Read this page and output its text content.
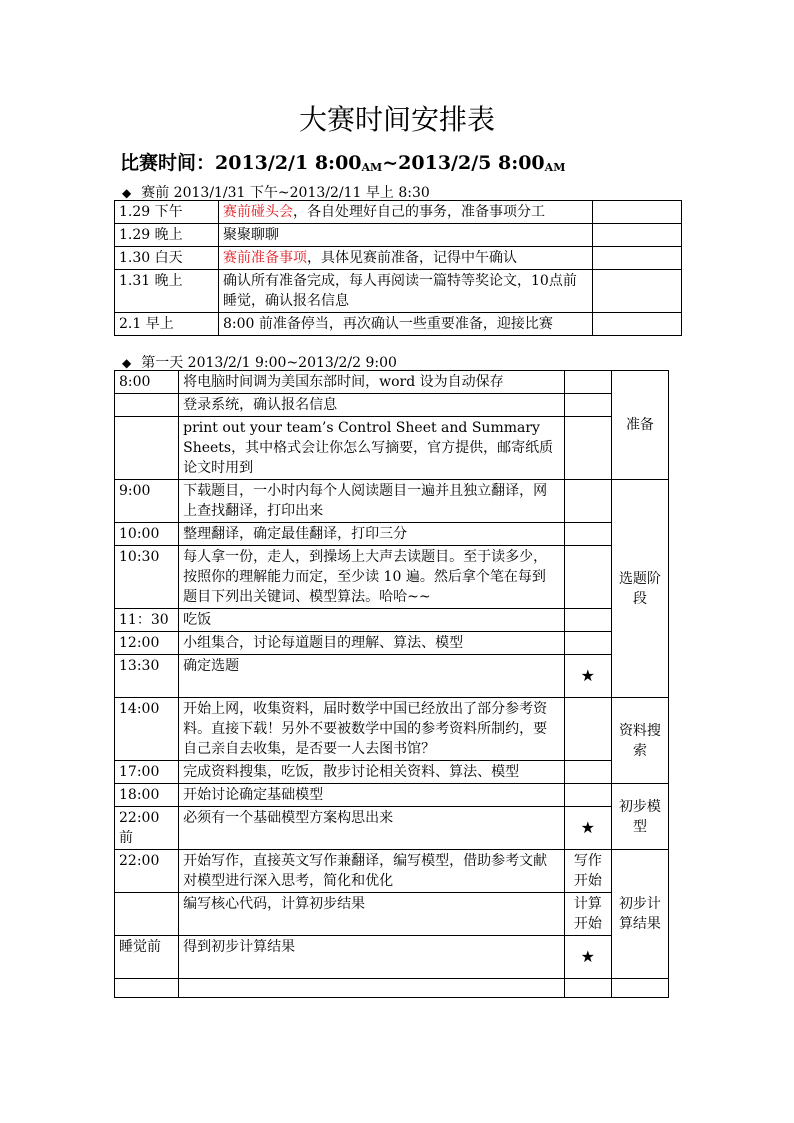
大赛时间安排表
比赛时间：2013/2/1 $8:00_{AM}\sim 2013/2/5$ $8:00_{AM}$
◆ 赛前 2013/1/31 下午~2013/2/11 早上 8:30
1.29 下午	赛前碰头会，各自处理好自己的事务，准备事项分工	
1.29 晚上	聚聚聊聊	
1.30 白天	赛前准备事项，具体见赛前准备，记得中午确认	
1.31 晚上	确认所有准备完成，每人再阅读一篇特等奖论文，10点前睡觉，确认报名信息	
2.1 早上	8:00 前准备停当，再次确认一些重要准备，迎接比赛	
◆ 第一天 2013/2/1 9:00~2013/2/2 9:00
8:00	将电脑时间调为美国东部时间，word 设为自动保存		准备
	登录系统，确认报名信息		
	print out your team’s Control Sheet and Summary Sheets，其中格式会让你怎么写摘要，官方提供，邮寄纸质论文时用到		
9:00	下载题目，一小时内每个人阅读题目一遍并且独立翻译，网上查找翻译，打印出来		选题阶段
10:00	整理翻译，确定最佳翻译，打印三分		
10:30	每人拿一份，走人，到操场上大声去读题目。至于读多少，按照你的理解能力而定，至少读 10 遍。然后拿个笔在每到题目下列出关键词、模型算法。哈哈~~		
11：30	吃饭		
12:00	小组集合，讨论每道题目的理解、算法、模型		
13:30	确定选题	★	
14:00	开始上网，收集资料，届时数学中国已经放出了部分参考资料。直接下载！另外不要被数学中国的参考资料所制约，要自己亲自去收集，是否要一人去图书馆？		资料搜索
17:00	完成资料搜集，吃饭，散步讨论相关资料、算法、模型		
18:00	开始讨论确定基础模型		初步模型
22:00 前	必须有一个基础模型方案构思出来	★	
22:00	开始写作，直接英文写作兼翻译，编写模型，借助参考文献对模型进行深入思考，简化和优化	写作开始	初步计算结果
	编写核心代码，计算初步结果	计算开始	
睡觉前	得到初步计算结果	★	
